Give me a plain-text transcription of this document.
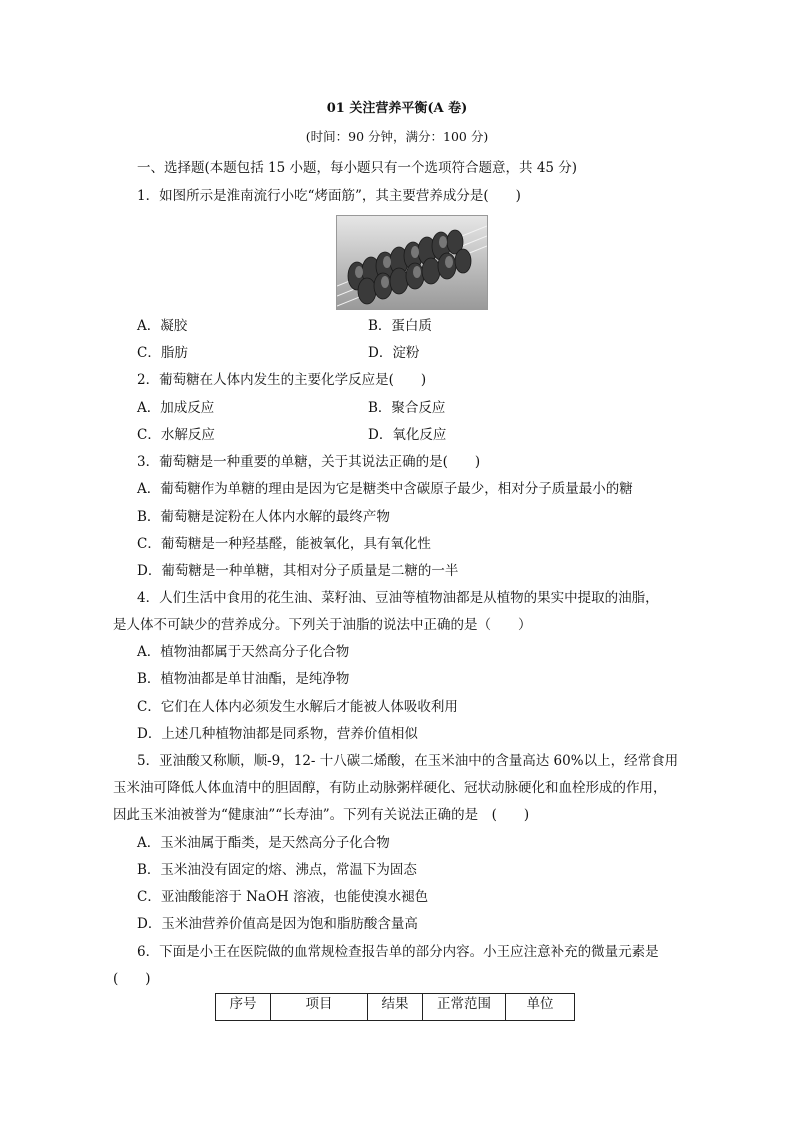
01 关注营养平衡(A 卷)
(时间：90 分钟，满分：100 分)
一、选择题(本题包括 15 小题，每小题只有一个选项符合题意，共 45 分)
1．如图所示是淮南流行小吃“烤面筋”，其主要营养成分是(　　)
A．凝胶	B．蛋白质
C．脂肪	D．淀粉
2．葡萄糖在人体内发生的主要化学反应是(　　)
A．加成反应	B．聚合反应
C．水解反应	D．氧化反应
3．葡萄糖是一种重要的单糖，关于其说法正确的是(　　)
A．葡萄糖作为单糖的理由是因为它是糖类中含碳原子最少，相对分子质量最小的糖
B．葡萄糖是淀粉在人体内水解的最终产物
C．葡萄糖是一种羟基醛，能被氧化，具有氧化性
D．葡萄糖是一种单糖，其相对分子质量是二糖的一半
4．人们生活中食用的花生油、菜籽油、豆油等植物油都是从植物的果实中提取的油脂，
是人体不可缺少的营养成分。下列关于油脂的说法中正确的是（　　）
A．植物油都属于天然高分子化合物
B．植物油都是单甘油酯，是纯净物
C．它们在人体内必须发生水解后才能被人体吸收利用
D．上述几种植物油都是同系物，营养价值相似
5．亚油酸又称顺，顺-9，12- 十八碳二烯酸，在玉米油中的含量高达 60%以上，经常食用
玉米油可降低人体血清中的胆固醇，有防止动脉粥样硬化、冠状动脉硬化和血栓形成的作用，
因此玉米油被誉为“健康油”“长寿油”。下列有关说法正确的是　(　　)
A．玉米油属于酯类，是天然高分子化合物
B．玉米油没有固定的熔、沸点，常温下为固态
C．亚油酸能溶于 NaOH 溶液，也能使溴水褪色
D．玉米油营养价值高是因为饱和脂肪酸含量高
6．下面是小王在医院做的血常规检查报告单的部分内容。小王应注意补充的微量元素是
(　　)
序号	项目	结果	正常范围	单位
